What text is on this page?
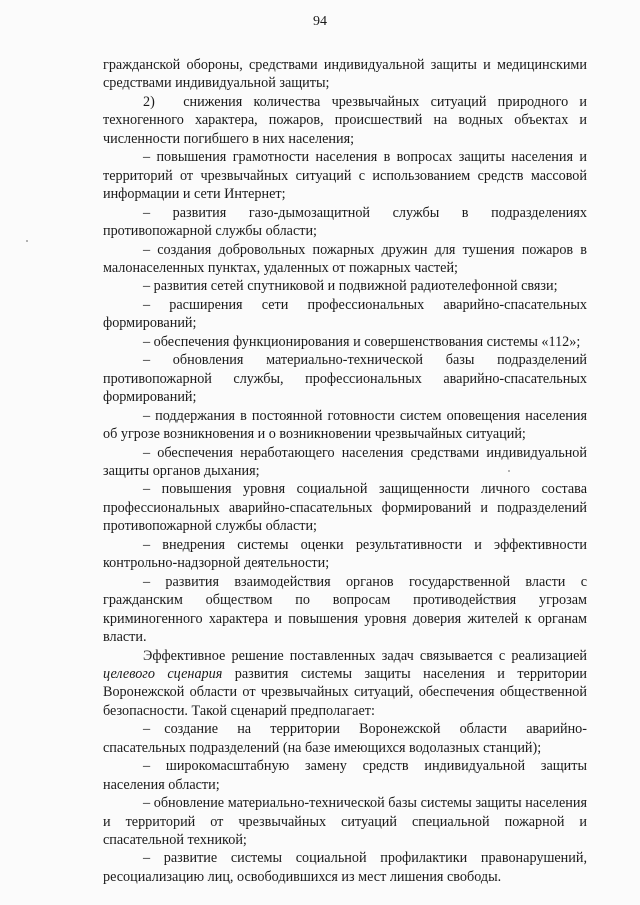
94

гражданской обороны, средствами индивидуальной защиты и медицинскими средствами индивидуальной защиты;

2)  снижения количества чрезвычайных ситуаций природного и техногенного характера, пожаров, происшествий на водных объектах и численности погибшего в них населения;

– повышения грамотности населения в вопросах защиты населения и территорий от чрезвычайных ситуаций с использованием средств массовой информации и сети Интернет;

– развития газо-дымозащитной службы в подразделениях противопожарной службы области;

– создания добровольных пожарных дружин для тушения пожаров в малонаселенных пунктах, удаленных от пожарных частей;

– развития сетей спутниковой и подвижной радиотелефонной связи;

– расширения сети профессиональных аварийно-спасательных формирований;

– обеспечения функционирования и совершенствования системы «112»;

– обновления материально-технической базы подразделений противопожарной службы, профессиональных аварийно-спасательных формирований;

– поддержания в постоянной готовности систем оповещения населения об угрозе возникновения и о возникновении чрезвычайных ситуаций;

– обеспечения неработающего населения средствами индивидуальной защиты органов дыхания;

– повышения уровня социальной защищенности личного состава профессиональных аварийно-спасательных формирований и подразделений противопожарной службы области;

– внедрения системы оценки результативности и эффективности контрольно-надзорной деятельности;

– развития взаимодействия органов государственной власти с гражданским обществом по вопросам противодействия угрозам криминогенного характера и повышения уровня доверия жителей к органам власти.

Эффективное решение поставленных задач связывается с реализацией целевого сценария развития системы защиты населения и территории Воронежской области от чрезвычайных ситуаций, обеспечения общественной безопасности. Такой сценарий предполагает:

– создание на территории Воронежской области аварийно-спасательных подразделений (на базе имеющихся водолазных станций);

– широкомасштабную замену средств индивидуальной защиты населения области;

– обновление материально-технической базы системы защиты населения и территорий от чрезвычайных ситуаций специальной пожарной и спасательной техникой;

– развитие системы социальной профилактики правонарушений, ресоциализацию лиц, освободившихся из мест лишения свободы.
